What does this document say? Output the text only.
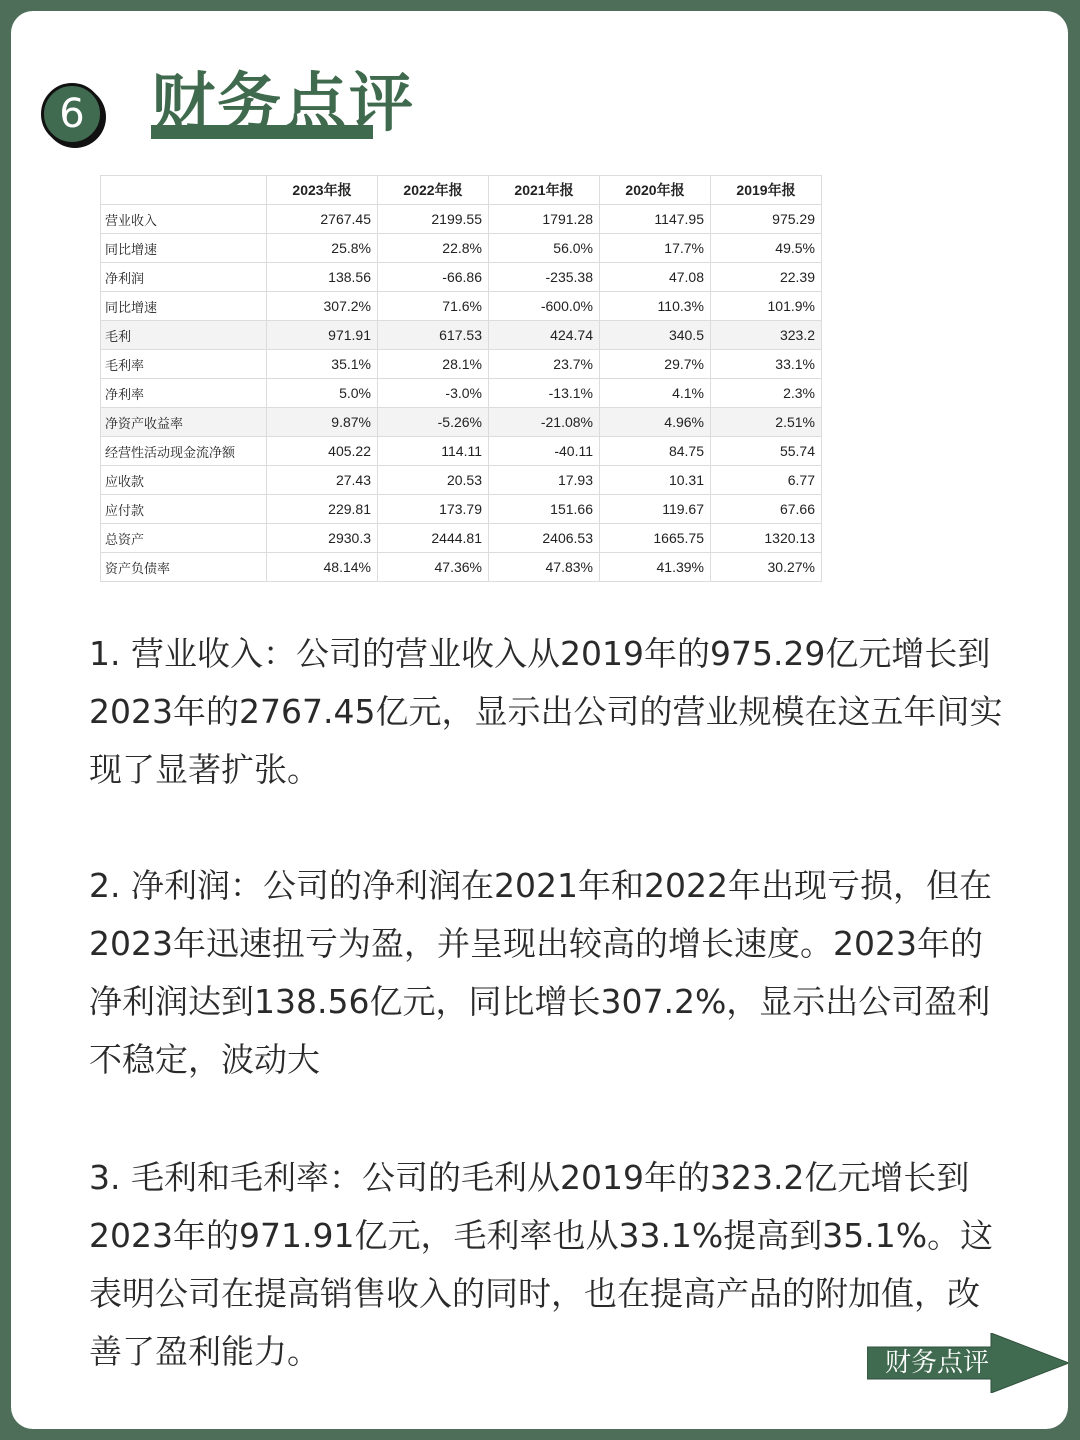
6 财务点评
	2023年报	2022年报	2021年报	2020年报	2019年报
营业收入	2767.45	2199.55	1791.28	1147.95	975.29
同比增速	25.8%	22.8%	56.0%	17.7%	49.5%
净利润	138.56	-66.86	-235.38	47.08	22.39
同比增速	307.2%	71.6%	-600.0%	110.3%	101.9%
毛利	971.91	617.53	424.74	340.5	323.2
毛利率	35.1%	28.1%	23.7%	29.7%	33.1%
净利率	5.0%	-3.0%	-13.1%	4.1%	2.3%
净资产收益率	9.87%	-5.26%	-21.08%	4.96%	2.51%
经营性活动现金流净额	405.22	114.11	-40.11	84.75	55.74
应收款	27.43	20.53	17.93	10.31	6.77
应付款	229.81	173.79	151.66	119.67	67.66
总资产	2930.3	2444.81	2406.53	1665.75	1320.13
资产负债率	48.14%	47.36%	47.83%	41.39%	30.27%

1. 营业收入：公司的营业收入从2019年的975.29亿元增长到2023年的2767.45亿元，显示出公司的营业规模在这五年间实现了显著扩张。

2. 净利润：公司的净利润在2021年和2022年出现亏损，但在2023年迅速扭亏为盈，并呈现出较高的增长速度。2023年的净利润达到138.56亿元，同比增长307.2%，显示出公司盈利不稳定，波动大

3. 毛利和毛利率：公司的毛利从2019年的323.2亿元增长到2023年的971.91亿元，毛利率也从33.1%提高到35.1%。这表明公司在提高销售收入的同时，也在提高产品的附加值，改善了盈利能力。	财务点评
